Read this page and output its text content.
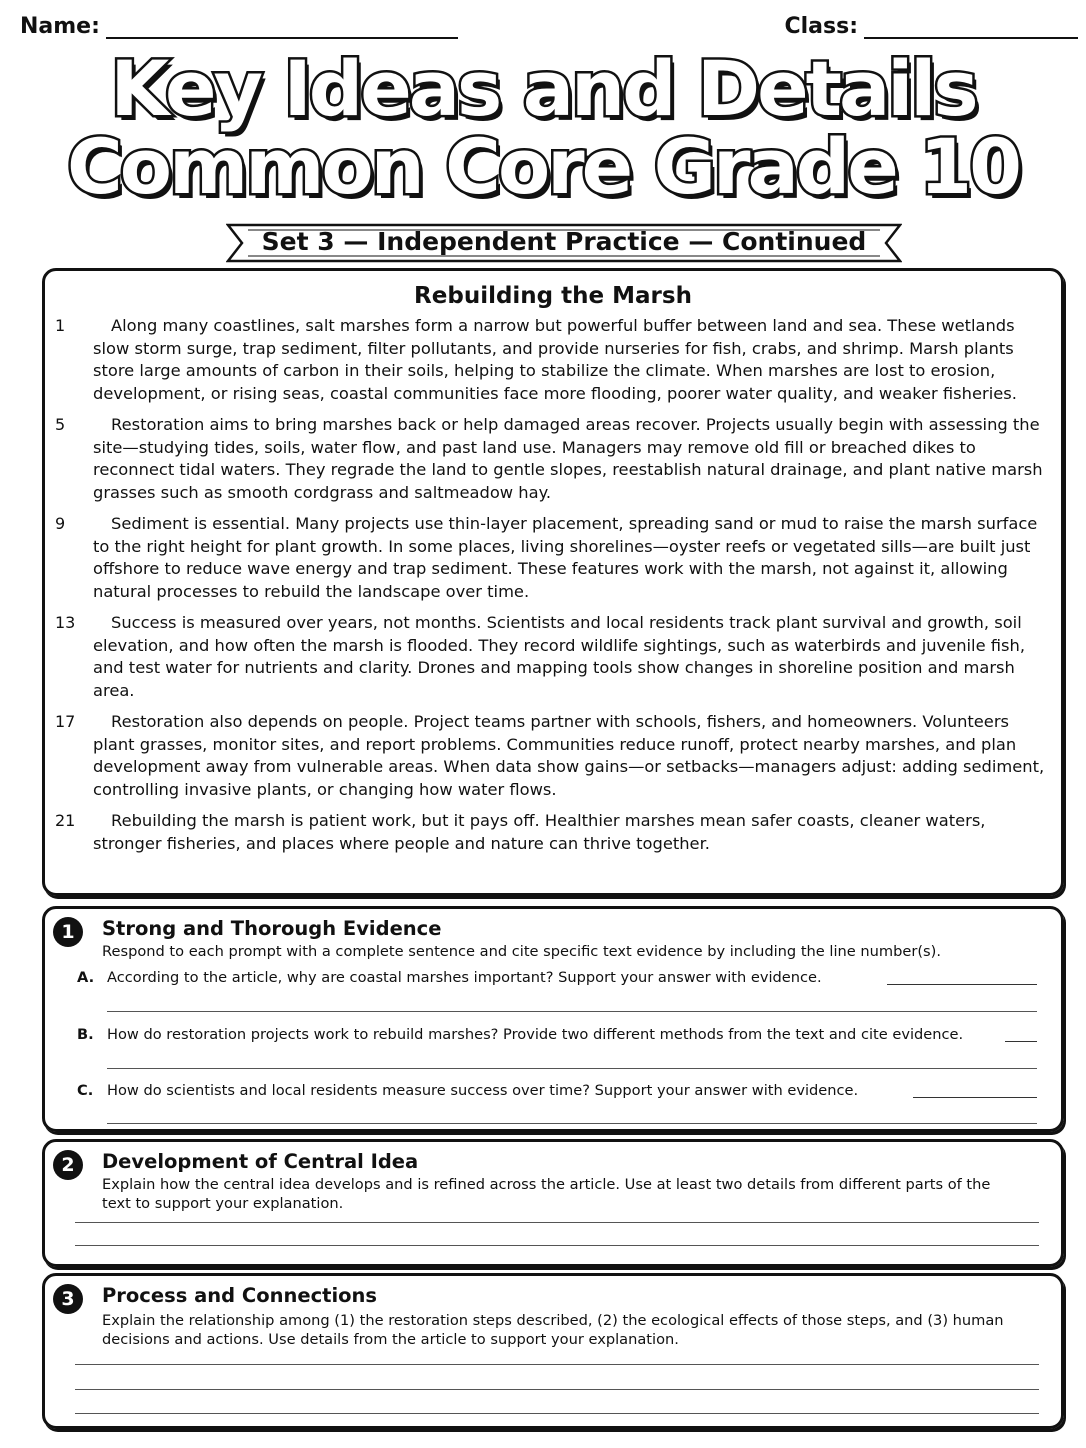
Name:	Class:
Key Ideas and Details
Common Core Grade 10
Set 3 — Independent Practice — Continued
Rebuilding the Marsh
1	Along many coastlines, salt marshes form a narrow but powerful buffer between land and sea. These wetlands slow storm surge, trap sediment, filter pollutants, and provide nurseries for fish, crabs, and shrimp. Marsh plants store large amounts of carbon in their soils, helping to stabilize the climate. When marshes are lost to erosion, development, or rising seas, coastal communities face more flooding, poorer water quality, and weaker fisheries.

5	Restoration aims to bring marshes back or help damaged areas recover. Projects usually begin with assessing the site—studying tides, soils, water flow, and past land use. Managers may remove old fill or breached dikes to reconnect tidal waters. They regrade the land to gentle slopes, reestablish natural drainage, and plant native marsh grasses such as smooth cordgrass and saltmeadow hay.

9	Sediment is essential. Many projects use thin-layer placement, spreading sand or mud to raise the marsh surface to the right height for plant growth. In some places, living shorelines—oyster reefs or vegetated sills—are built just offshore to reduce wave energy and trap sediment. These features work with the marsh, not against it, allowing natural processes to rebuild the landscape over time.

13	Success is measured over years, not months. Scientists and local residents track plant survival and growth, soil elevation, and how often the marsh is flooded. They record wildlife sightings, such as waterbirds and juvenile fish, and test water for nutrients and clarity. Drones and mapping tools show changes in shoreline position and marsh area.

17	Restoration also depends on people. Project teams partner with schools, fishers, and homeowners. Volunteers plant grasses, monitor sites, and report problems. Communities reduce runoff, protect nearby marshes, and plan development away from vulnerable areas. When data show gains—or setbacks—managers adjust: adding sediment, controlling invasive plants, or changing how water flows.

21	Rebuilding the marsh is patient work, but it pays off. Healthier marshes mean safer coasts, cleaner waters, stronger fisheries, and places where people and nature can thrive together.

1	Strong and Thorough Evidence
Respond to each prompt with a complete sentence and cite specific text evidence by including the line number(s).
A. According to the article, why are coastal marshes important? Support your answer with evidence.
B. How do restoration projects work to rebuild marshes? Provide two different methods from the text and cite evidence.
C. How do scientists and local residents measure success over time? Support your answer with evidence.
2	Development of Central Idea
Explain how the central idea develops and is refined across the article. Use at least two details from different parts of the text to support your explanation.
3	Process and Connections
Explain the relationship among (1) the restoration steps described, (2) the ecological effects of those steps, and (3) human decisions and actions. Use details from the article to support your explanation.
